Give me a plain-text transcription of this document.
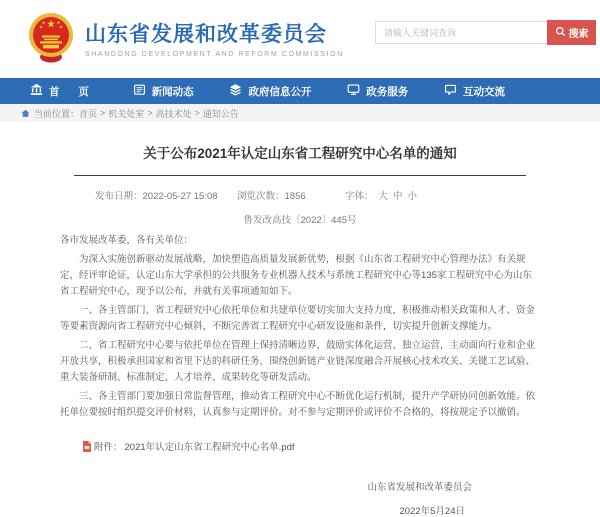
山东省发展和改革委员会
SHANDONG DEVELOPMENT AND REFORM COMMISSION
请输入关键词查询
搜索
首 页	新闻动态	政府信息公开	政务服务	互动交流
当前位置： 首页 > 机关处室 > 高技术处 > 通知公告
关于公布2021年认定山东省工程研究中心名单的通知
发布日期：2022-05-27 15:08	浏览次数：1856	字体： 大 中 小
鲁发改高技〔2022〕445号

各市发展改革委，各有关单位：

为深入实施创新驱动发展战略，加快塑造高质量发展新优势，根据《山东省工程研究中心管理办法》有关规定，经评审论证，认定山东大学承担的公共服务专业机器人技术与系统工程研究中心等135家工程研究中心为山东省工程研究中心，现予以公布，并就有关事项通知如下。

一、各主管部门、省工程研究中心依托单位和共建单位要切实加大支持力度，积极推动相关政策和人才、资金等要素资源向省工程研究中心倾斜，不断完善省工程研究中心研发设施和条件，切实提升创新支撑能力。

二、省工程研究中心要与依托单位在管理上保持清晰边界，鼓励实体化运营、独立运营，主动面向行业和企业开放共享，积极承担国家和省里下达的科研任务，围绕创新链产业链深度融合开展核心技术攻关、关键工艺试验、重大装备研制、标准制定、人才培养、成果转化等研发活动。

三、各主管部门要加强日常监督管理，推动省工程研究中心不断优化运行机制，提升产学研协同创新效能。依托单位要按时组织提交评价材料，认真参与定期评价。对不参与定期评价或评价不合格的，将按规定予以撤销。

附件： 2021年认定山东省工程研究中心名单.pdf
山东省发展和改革委员会
2022年5月24日
